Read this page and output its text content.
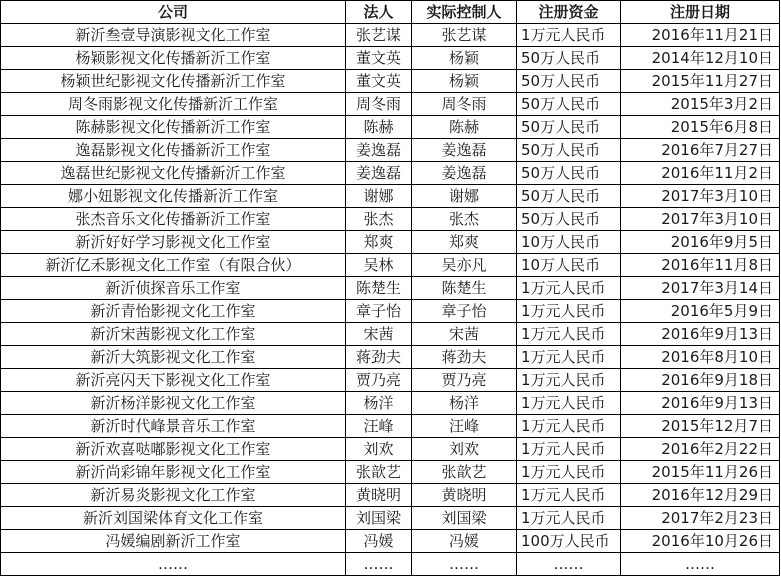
公司	法人	实际控制人	注册资金	注册日期
新沂叁壹导演影视文化工作室	张艺谋	张艺谋	1万元人民币	2016年11月21日
杨颖影视文化传播新沂工作室	董文英	杨颖	50万人民币	2014年12月10日
杨颖世纪影视文化传播新沂工作室	董文英	杨颖	50万人民币	2015年11月27日
周冬雨影视文化传播新沂工作室	周冬雨	周冬雨	50万人民币	2015年3月2日
陈赫影视文化传播新沂工作室	陈赫	陈赫	50万人民币	2015年6月8日
逸磊影视文化传播新沂工作室	姜逸磊	姜逸磊	50万人民币	2016年7月27日
逸磊世纪影视文化传播新沂工作室	姜逸磊	姜逸磊	50万人民币	2016年11月2日
娜小妞影视文化传播新沂工作室	谢娜	谢娜	50万人民币	2017年3月10日
张杰音乐文化传播新沂工作室	张杰	张杰	50万人民币	2017年3月10日
新沂好好学习影视文化工作室	郑爽	郑爽	10万人民币	2016年9月5日
新沂亿禾影视文化工作室（有限合伙）	吴林	吴亦凡	10万人民币	2016年11月8日
新沂侦探音乐工作室	陈楚生	陈楚生	1万元人民币	2017年3月14日
新沂青怡影视文化工作室	章子怡	章子怡	1万元人民币	2016年5月9日
新沂宋茜影视文化工作室	宋茜	宋茜	1万元人民币	2016年9月13日
新沂大筑影视文化工作室	蒋劲夫	蒋劲夫	1万元人民币	2016年8月10日
新沂亮闪天下影视文化工作室	贾乃亮	贾乃亮	1万元人民币	2016年9月18日
新沂杨洋影视文化工作室	杨洋	杨洋	1万元人民币	2016年9月13日
新沂时代峰景音乐工作室	汪峰	汪峰	1万元人民币	2015年12月7日
新沂欢喜哒嘟影视文化工作室	刘欢	刘欢	1万元人民币	2016年2月22日
新沂尚彩锦年影视文化工作室	张歆艺	张歆艺	1万元人民币	2015年11月26日
新沂易炎影视文化工作室	黄晓明	黄晓明	1万元人民币	2016年12月29日
新沂刘国梁体育文化工作室	刘国梁	刘国梁	1万元人民币	2017年2月23日
冯媛编剧新沂工作室	冯媛	冯媛	100万人民币	2016年10月26日
……	……	……	……	……
